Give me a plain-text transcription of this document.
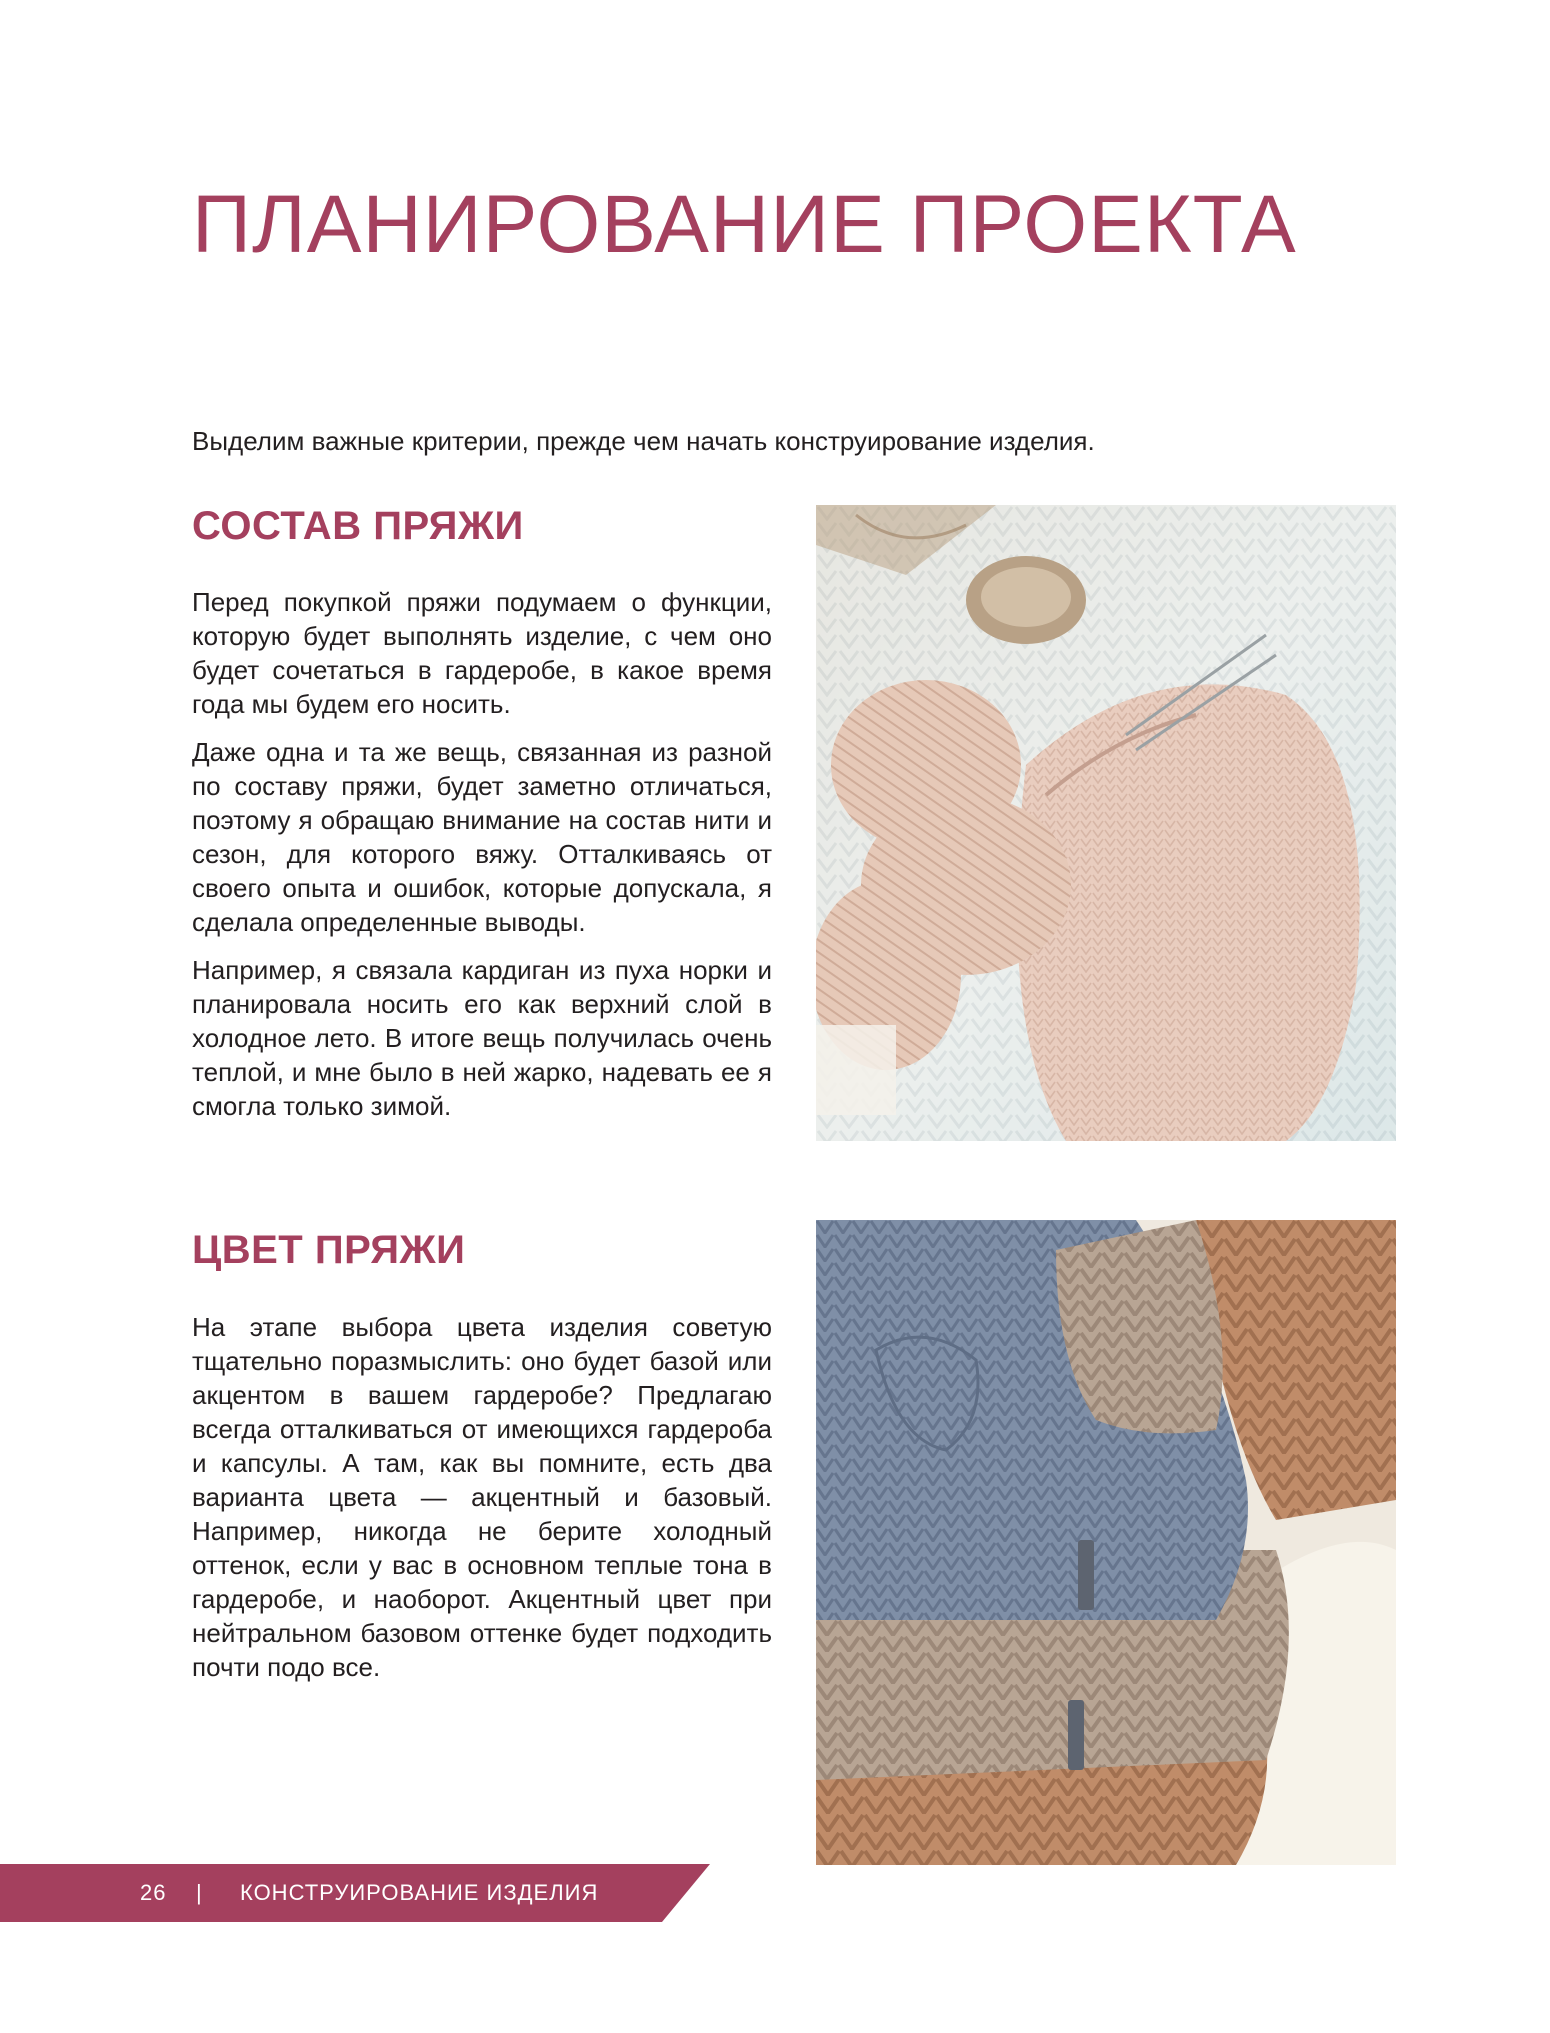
ПЛАНИРОВАНИЕ ПРОЕКТА

Выделим важные критерии, прежде чем начать конструирование изделия.

СОСТАВ ПРЯЖИ

Перед покупкой пряжи подумаем о функции, которую будет выполнять изделие, с чем оно будет сочетаться в гардеробе, в какое время года мы будем его носить.

Даже одна и та же вещь, связанная из разной по составу пряжи, будет заметно отличаться, поэтому я обращаю внимание на состав нити и сезон, для которого вяжу. Отталкиваясь от своего опыта и ошибок, которые допускала, я сделала определенные выводы.

Например, я связала кардиган из пуха норки и планировала носить его как верхний слой в холодное лето. В итоге вещь получилась очень теплой, и мне было в ней жарко, надевать ее я смогла только зимой.

ЦВЕТ ПРЯЖИ

На этапе выбора цвета изделия советую тщательно поразмыслить: оно будет базой или акцентом в вашем гардеробе? Предлагаю всегда отталкиваться от имеющихся гардероба и капсулы. А там, как вы помните, есть два варианта цвета — акцентный и базовый. Например, никогда не берите холодный оттенок, если у вас в основном теплые тона в гардеробе, и наоборот. Акцентный цвет при нейтральном базовом оттенке будет подходить почти подо все.

26 | КОНСТРУИРОВАНИЕ ИЗДЕЛИЯ
